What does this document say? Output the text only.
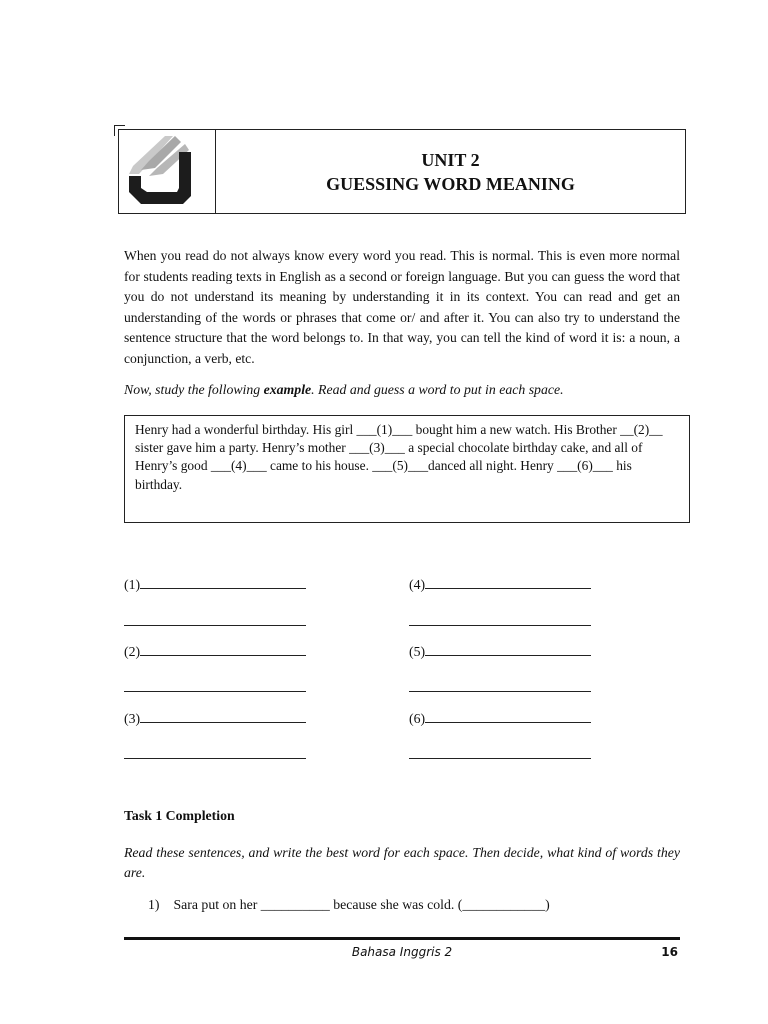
UNIT 2
GUESSING WORD MEANING

When you read do not always know every word you read. This is normal. This is even more normal for students reading texts in English as a second or foreign language. But you can guess the word that you do not understand its meaning by understanding it in its context. You can read and get an understanding of the words or phrases that come or/ and after it. You can also try to understand the sentence structure that the word belongs to. In that way, you can tell the kind of word it is: a noun, a conjunction, a verb, etc.

Now, study the following example. Read and guess a word to put in each space.

Henry had a wonderful birthday. His girl ___(1)___ bought him a new watch. His Brother __(2)__ sister gave him a party. Henry’s mother ___(3)___ a special chocolate birthday cake, and all of Henry’s good ___(4)___ came to his house. ___(5)___danced all night. Henry ___(6)___ his birthday.

(1)	(4)
(2)	(5)
(3)	(6)

Task 1 Completion

Read these sentences, and write the best word for each space. Then decide, what kind of words they are.

1) Sara put on her __________ because she was cold. (____________)

Bahasa Inggris 2	16
